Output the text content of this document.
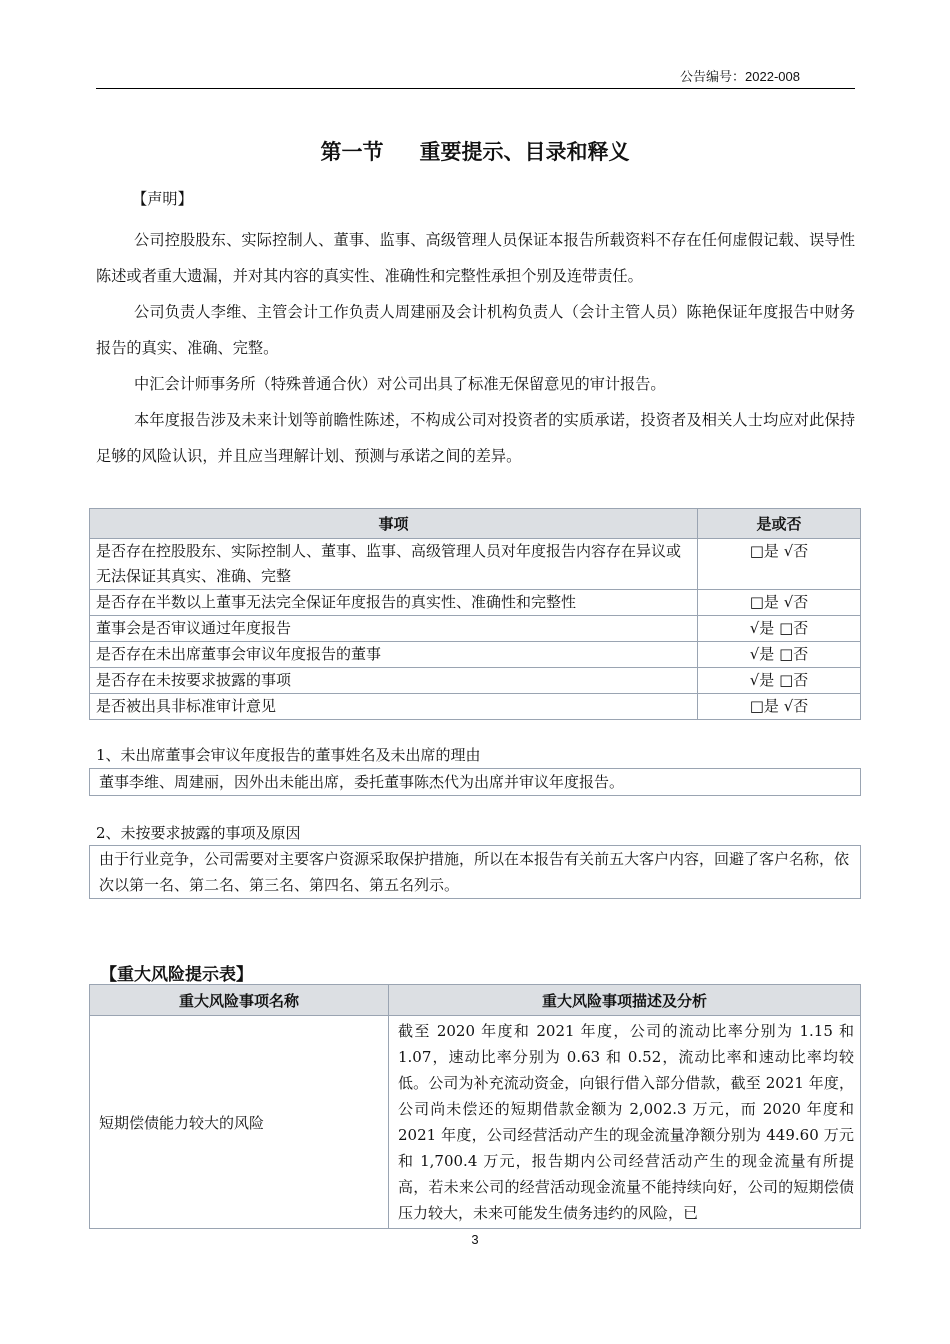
公告编号：2022-008
第一节 重要提示、目录和释义
【声明】

公司控股股东、实际控制人、董事、监事、高级管理人员保证本报告所载资料不存在任何虚假记载、误导性陈述或者重大遗漏，并对其内容的真实性、准确性和完整性承担个别及连带责任。

公司负责人李维、主管会计工作负责人周建丽及会计机构负责人（会计主管人员）陈艳保证年度报告中财务报告的真实、准确、完整。

中汇会计师事务所（特殊普通合伙）对公司出具了标准无保留意见的审计报告。

本年度报告涉及未来计划等前瞻性陈述，不构成公司对投资者的实质承诺，投资者及相关人士均应对此保持足够的风险认识，并且应当理解计划、预测与承诺之间的差异。

事项	是或否
是否存在控股股东、实际控制人、董事、监事、高级管理人员对年度报告内容存在异议或无法保证其真实、准确、完整	□是 √否
是否存在半数以上董事无法完全保证年度报告的真实性、准确性和完整性	□是 √否
董事会是否审议通过年度报告	√是 □否
是否存在未出席董事会审议年度报告的董事	√是 □否
是否存在未按要求披露的事项	√是 □否
是否被出具非标准审计意见	□是 √否
1、未出席董事会审议年度报告的董事姓名及未出席的理由
董事李维、周建丽，因外出未能出席，委托董事陈杰代为出席并审议年度报告。
2、未按要求披露的事项及原因
由于行业竞争，公司需要对主要客户资源采取保护措施，所以在本报告有关前五大客户内容，回避了客户名称，依次以第一名、第二名、第三名、第四名、第五名列示。
【重大风险提示表】
重大风险事项名称	重大风险事项描述及分析
短期偿债能力较大的风险	截至 2020 年度和 2021 年度，公司的流动比率分别为 1.15 和 1.07，速动比率分别为 0.63 和 0.52，流动比率和速动比率均较低。公司为补充流动资金，向银行借入部分借款，截至 2021 年度，公司尚未偿还的短期借款金额为 2,002.3 万元，而 2020 年度和 2021 年度，公司经营活动产生的现金流量净额分别为 449.60 万元和 1,700.4 万元，报告期内公司经营活动产生的现金流量有所提高，若未来公司的经营活动现金流量不能持续向好，公司的短期偿债压力较大，未来可能发生债务违约的风险，已
3
